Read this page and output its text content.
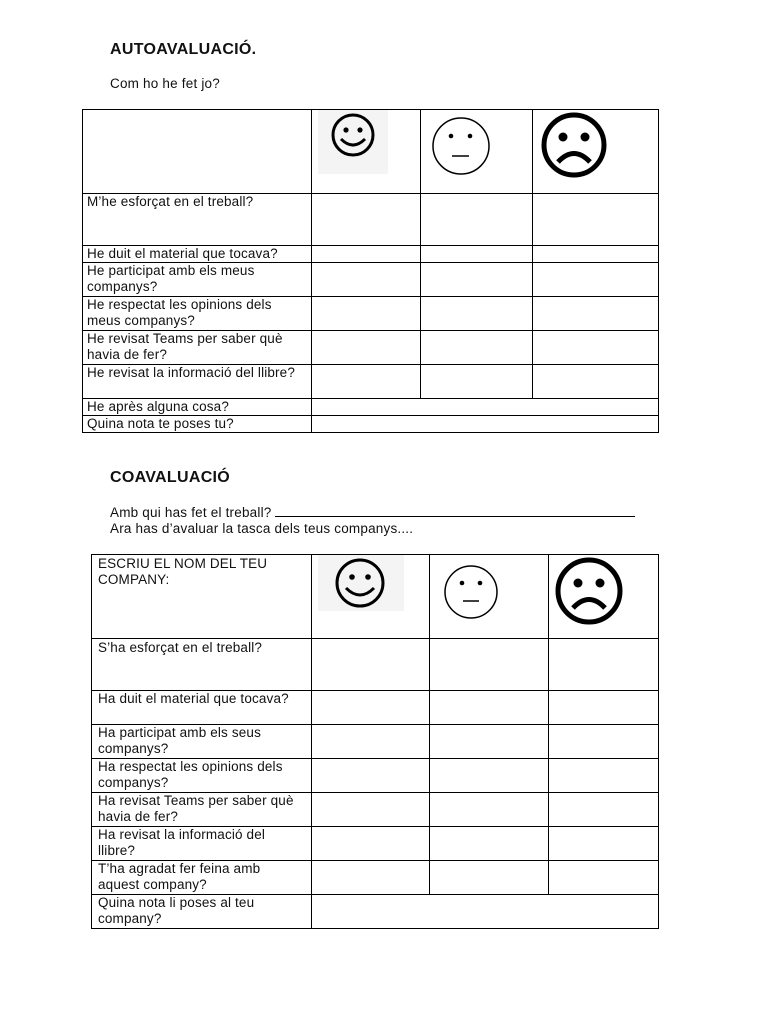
AUTOAVALUACIÓ.
Com ho he fet jo?

M’he esforçat en el treball?			
He duit el material que tocava?			
He participat amb els meus companys?			
He respectat les opinions dels meus companys?			
He revisat Teams per saber què havia de fer?			
He revisat la informació del llibre?			
He après alguna cosa?			
Quina nota te poses tu?			
COAVALUACIÓ
Amb qui has fet el treball?
Ara has d’avaluar la tasca dels teus companys....
ESCRIU EL NOM DEL TEU COMPANY:	

S’ha esforçat en el treball?			
Ha duit el material que tocava?			
Ha participat amb els seus companys?			
Ha respectat les opinions dels companys?			
Ha revisat Teams per saber què havia de fer?			
Ha revisat la informació del llibre?			
T’ha agradat fer feina amb aquest company?			
Quina nota li poses al teu company?			
